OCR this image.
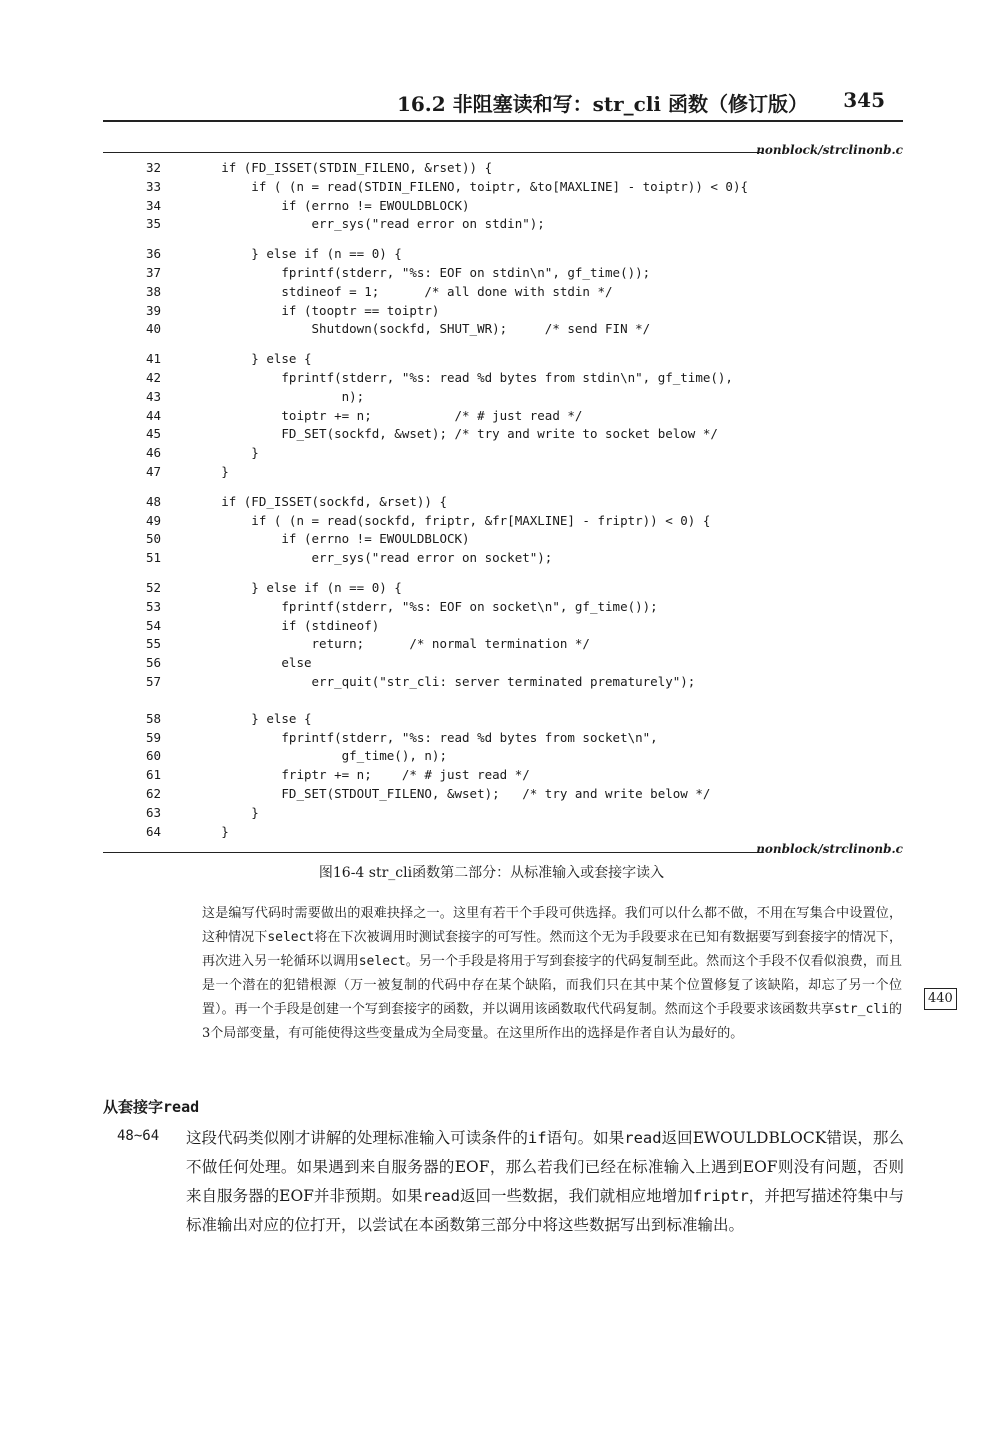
16.2 非阻塞读和写：str_cli 函数（修订版） 345
nonblock/strclinonb.c
32 if (FD_ISSET(STDIN_FILENO, &rset)) {
33 if ( (n = read(STDIN_FILENO, toiptr, &to[MAXLINE] - toiptr)) < 0){
34 if (errno != EWOULDBLOCK)
35 err_sys("read error on stdin");
36 } else if (n == 0) {
37 fprintf(stderr, "%s: EOF on stdin\n", gf_time());
38 stdineof = 1;      /* all done with stdin */
39 if (tooptr == toiptr)
40 Shutdown(sockfd, SHUT_WR);     /* send FIN */
41 } else {
42 fprintf(stderr, "%s: read %d bytes from stdin\n", gf_time(),
43 n);
44 toiptr += n;           /* # just read */
45 FD_SET(sockfd, &wset); /* try and write to socket below */
46 }
47 }
48 if (FD_ISSET(sockfd, &rset)) {
49 if ( (n = read(sockfd, friptr, &fr[MAXLINE] - friptr)) < 0) {
50 if (errno != EWOULDBLOCK)
51 err_sys("read error on socket");
52 } else if (n == 0) {
53 fprintf(stderr, "%s: EOF on socket\n", gf_time());
54 if (stdineof)
55 return;      /* normal termination */
56 else
57 err_quit("str_cli: server terminated prematurely");
58 } else {
59 fprintf(stderr, "%s: read %d bytes from socket\n",
60 gf_time(), n);
61 friptr += n;    /* # just read */
62 FD_SET(STDOUT_FILENO, &wset);   /* try and write below */
63 }
64 }
nonblock/strclinonb.c
图16-4 str_cli函数第二部分：从标准输入或套接字读入
这是编写代码时需要做出的艰难抉择之一。这里有若干个手段可供选择。我们可以什么都不做，不用在写集合中设置位，这种情况下select将在下次被调用时测试套接字的可写性。然而这个无为手段要求在已知有数据要写到套接字的情况下，再次进入另一轮循环以调用select。另一个手段是将用于写到套接字的代码复制至此。然而这个手段不仅看似浪费，而且是一个潜在的犯错根源（万一被复制的代码中存在某个缺陷，而我们只在其中某个位置修复了该缺陷，却忘了另一个位置）。再一个手段是创建一个写到套接字的函数，并以调用该函数取代代码复制。然而这个手段要求该函数共享str_cli的3个局部变量，有可能使得这些变量成为全局变量。在这里所作出的选择是作者自认为最好的。
440
从套接字read
48~64 这段代码类似刚才讲解的处理标准输入可读条件的if语句。如果read返回EWOULDBLOCK错误，那么不做任何处理。如果遇到来自服务器的EOF，那么若我们已经在标准输入上遇到EOF则没有问题，否则来自服务器的EOF并非预期。如果read返回一些数据，我们就相应地增加friptr，并把写描述符集中与标准输出对应的位打开，以尝试在本函数第三部分中将这些数据写出到标准输出。
